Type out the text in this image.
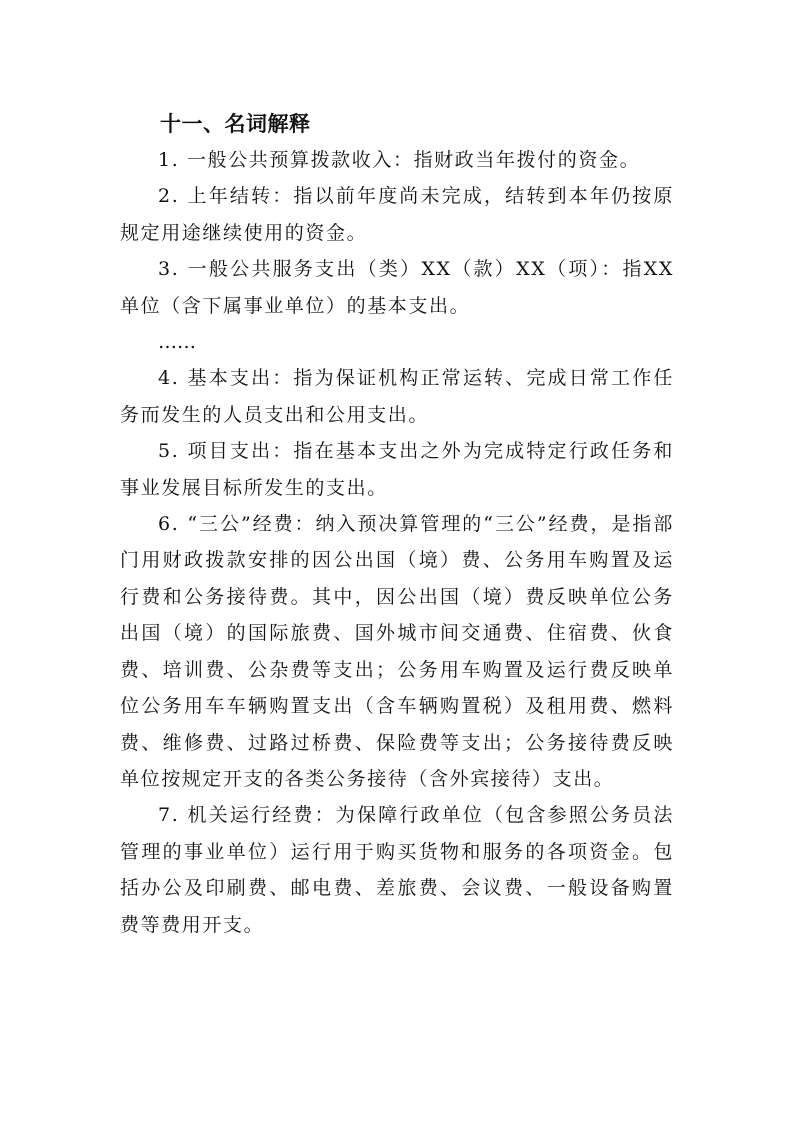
十一、名词解释

1. 一般公共预算拨款收入：指财政当年拨付的资金。

2. 上年结转：指以前年度尚未完成，结转到本年仍按原规定用途继续使用的资金。

3. 一般公共服务支出（类）XX（款）XX（项）：指XX单位（含下属事业单位）的基本支出。

……

4. 基本支出：指为保证机构正常运转、完成日常工作任务而发生的人员支出和公用支出。

5. 项目支出：指在基本支出之外为完成特定行政任务和事业发展目标所发生的支出。

6. “三公”经费：纳入预决算管理的“三公”经费，是指部门用财政拨款安排的因公出国（境）费、公务用车购置及运行费和公务接待费。其中，因公出国（境）费反映单位公务出国（境）的国际旅费、国外城市间交通费、住宿费、伙食费、培训费、公杂费等支出；公务用车购置及运行费反映单位公务用车车辆购置支出（含车辆购置税）及租用费、燃料费、维修费、过路过桥费、保险费等支出；公务接待费反映单位按规定开支的各类公务接待（含外宾接待）支出。

7. 机关运行经费：为保障行政单位（包含参照公务员法管理的事业单位）运行用于购买货物和服务的各项资金。包括办公及印刷费、邮电费、差旅费、会议费、一般设备购置费等费用开支。
